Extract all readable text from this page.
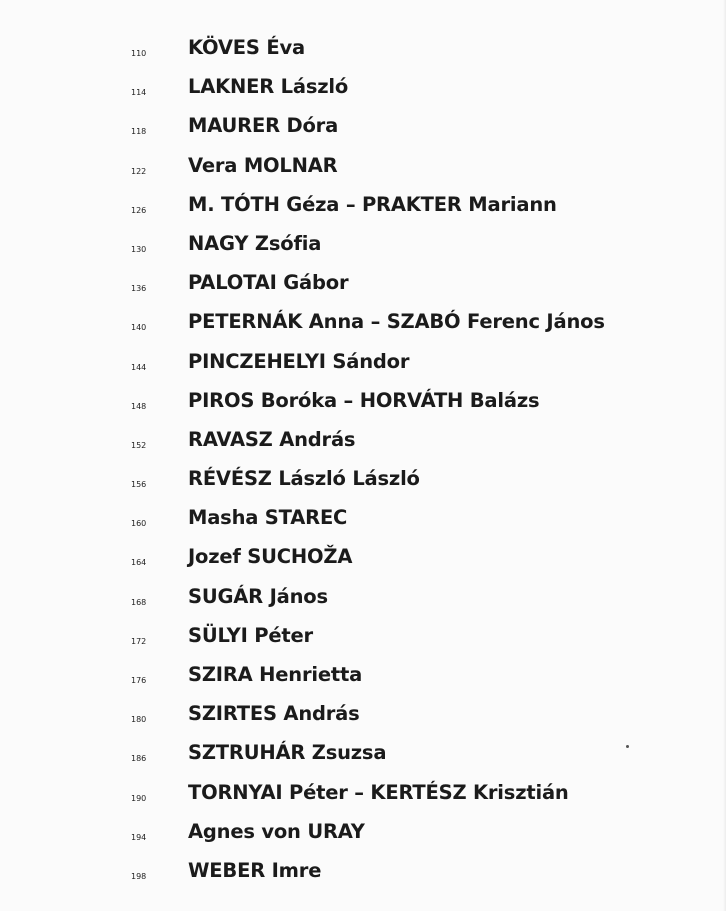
110 KÖVES Éva
114 LAKNER László
118 MAURER Dóra
122 Vera MOLNAR
126 M. TÓTH Géza – PRAKTER Mariann
130 NAGY Zsófia
136 PALOTAI Gábor
140 PETERNÁK Anna – SZABÓ Ferenc János
144 PINCZEHELYI Sándor
148 PIROS Boróka – HORVÁTH Balázs
152 RAVASZ András
156 RÉVÉSZ László László
160 Masha STAREC
164 Jozef SUCHOŽA
168 SUGÁR János
172 SÜLYI Péter
176 SZIRA Henrietta
180 SZIRTES András
186 SZTRUHÁR Zsuzsa
190 TORNYAI Péter – KERTÉSZ Krisztián
194 Agnes von URAY
198 WEBER Imre
